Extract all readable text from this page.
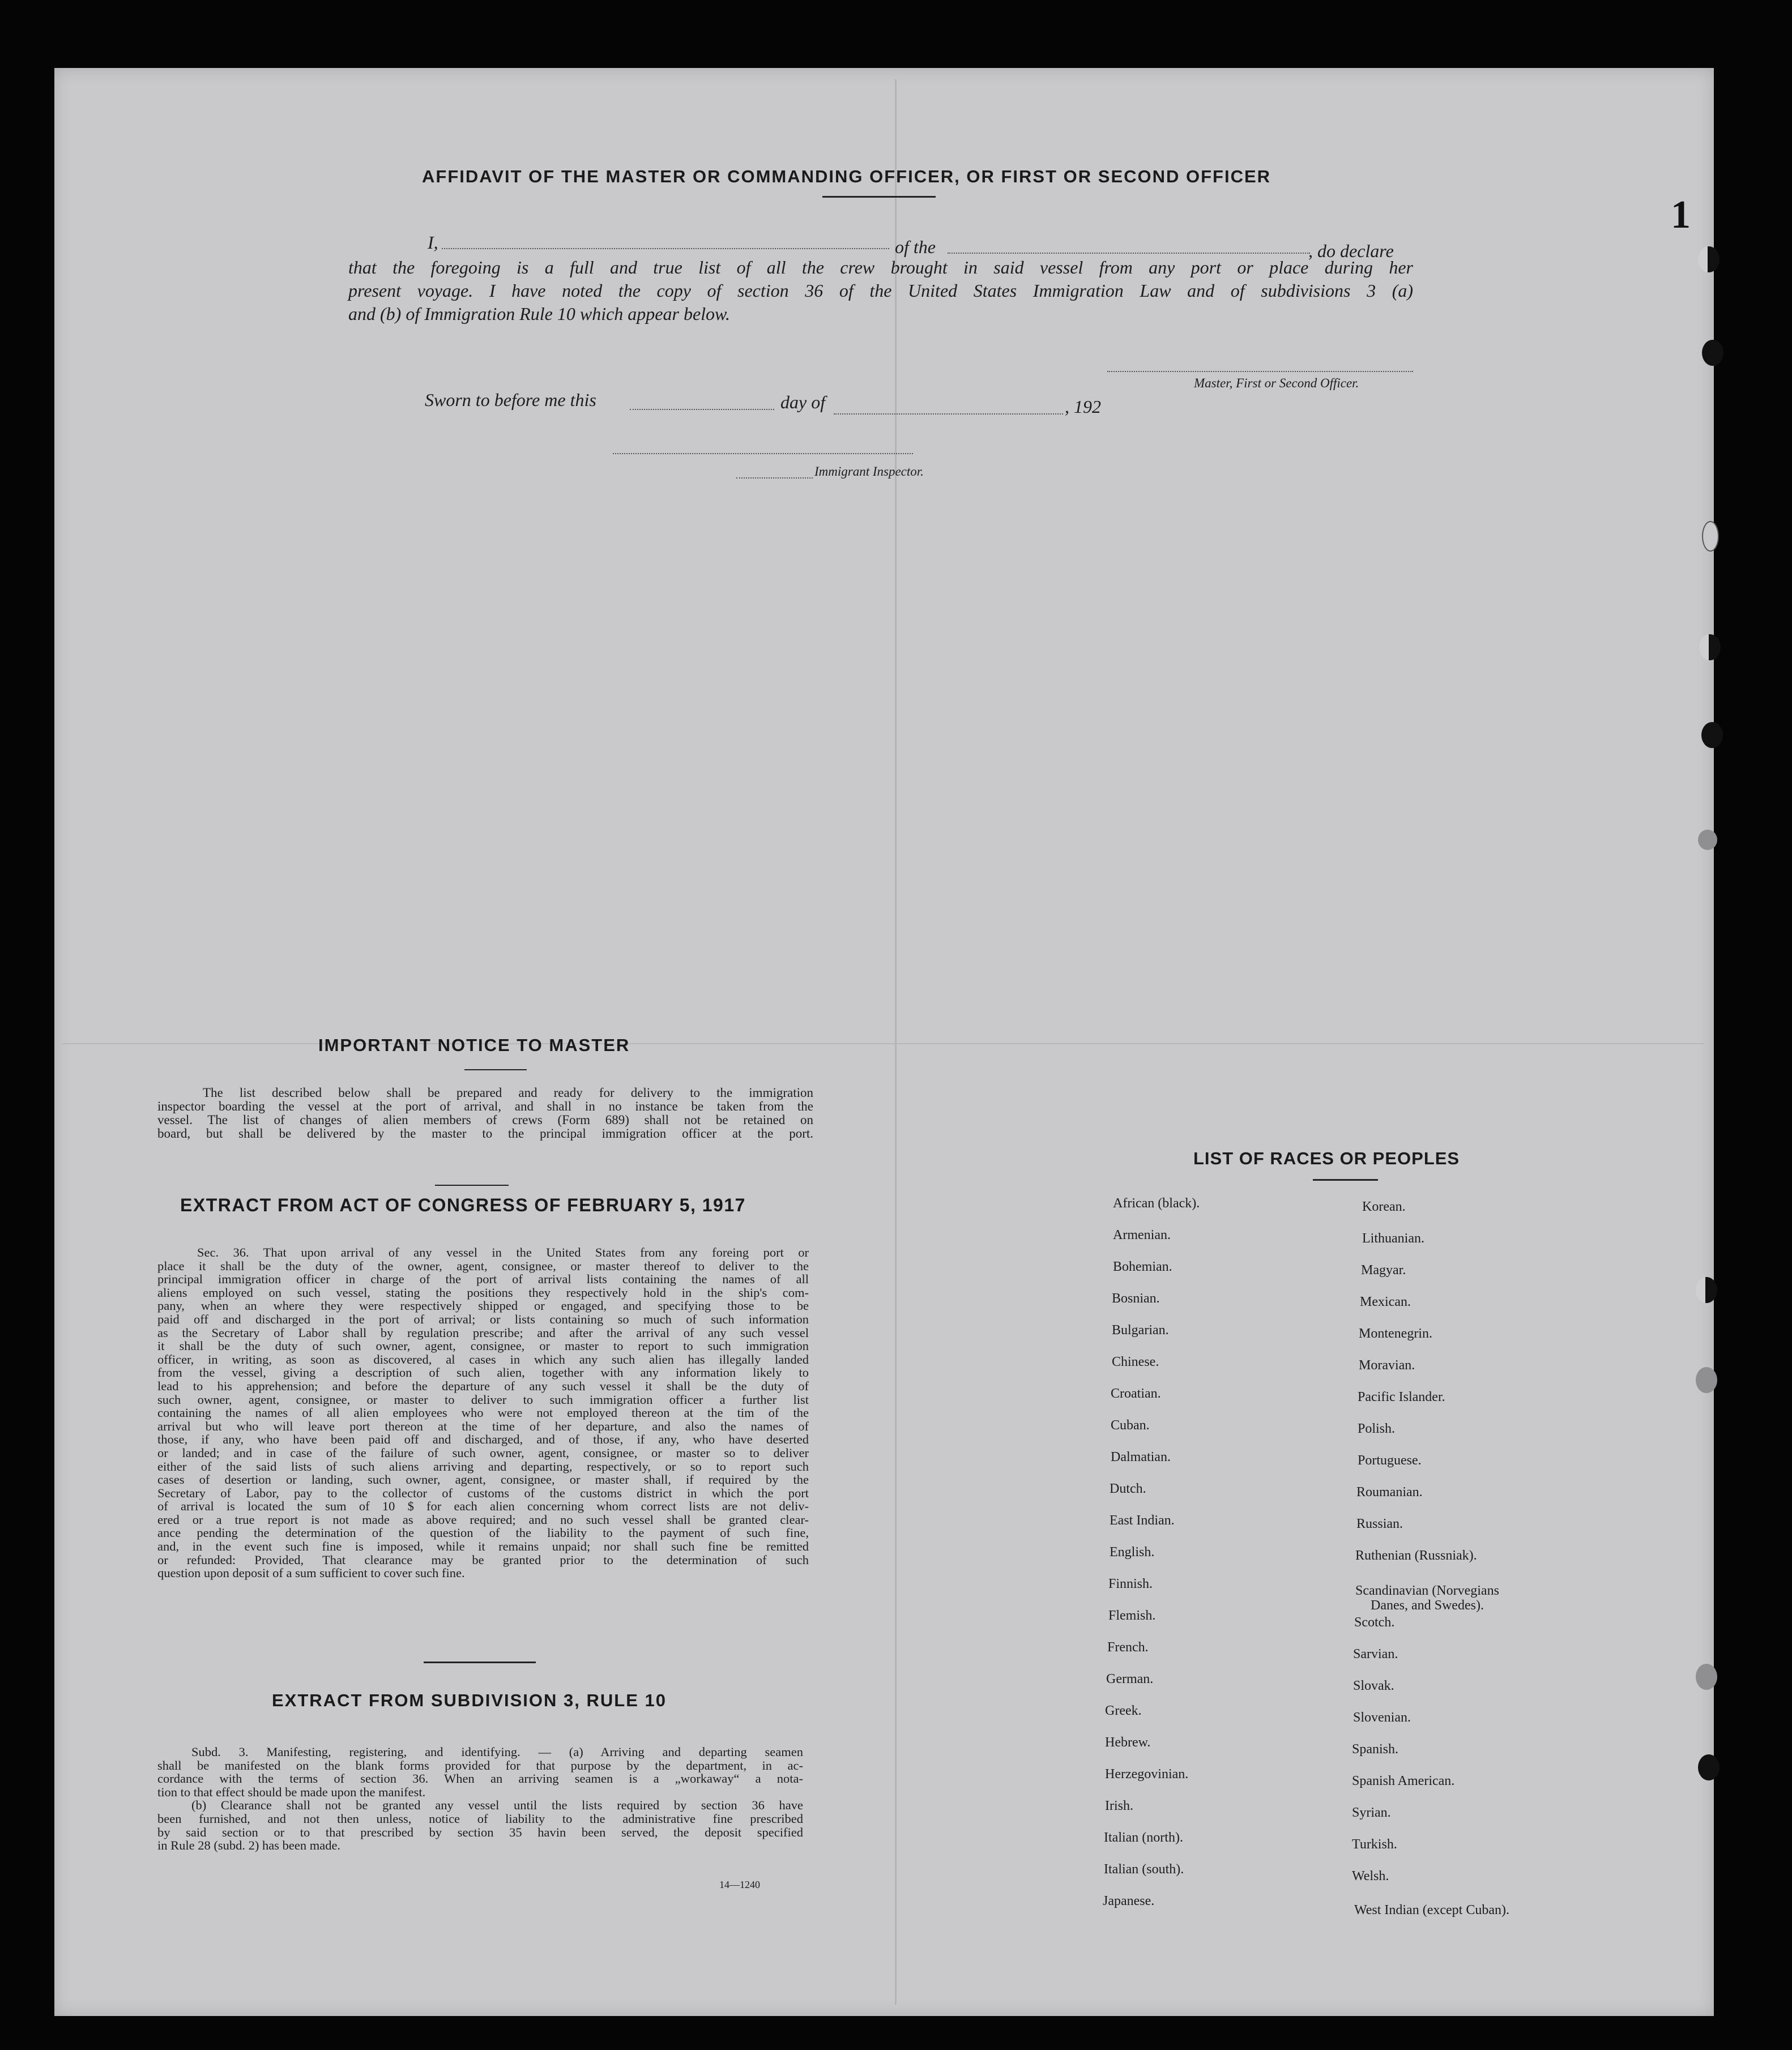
1
AFFIDAVIT OF THE MASTER OR COMMANDING OFFICER, OR FIRST OR SECOND OFFICER
I,	of the	, do declare
that the foregoing is a full and true list of all the crew brought in said vessel from any port or place during her
present voyage. I have noted the copy of section 36 of the United States Immigration Law and of subdivisions 3 (a)
and (b) of Immigration Rule 10 which appear below.
Master, First or Second Officer.
Sworn to before me this	day of	, 192
Immigrant Inspector.
IMPORTANT NOTICE TO MASTER
The list described below shall be prepared and ready for delivery to the immigration
inspector boarding the vessel at the port of arrival, and shall in no instance be taken from the
vessel. The list of changes of alien members of crews (Form 689) shall not be retained on
board, but shall be delivered by the master to the principal immigration officer at the port.
EXTRACT FROM ACT OF CONGRESS OF FEBRUARY 5, 1917
Sec. 36. That upon arrival of any vessel in the United States from any foreing port or
place it shall be the duty of the owner, agent, consignee, or master thereof to deliver to the
principal immigration officer in charge of the port of arrival lists containing the names of all
aliens employed on such vessel, stating the positions they respectively hold in the ship's com-
pany, when an where they were respectively shipped or engaged, and specifying those to be
paid off and discharged in the port of arrival; or lists containing so much of such information
as the Secretary of Labor shall by regulation prescribe; and after the arrival of any such vessel
it shall be the duty of such owner, agent, consignee, or master to report to such immigration
officer, in writing, as soon as discovered, al cases in which any such alien has illegally landed
from the vessel, giving a description of such alien, together with any information likely to
lead to his apprehension; and before the departure of any such vessel it shall be the duty of
such owner, agent, consignee, or master to deliver to such immigration officer a further list
containing the names of all alien employees who were not employed thereon at the tim of the
arrival but who will leave port thereon at the time of her departure, and also the names of
those, if any, who have been paid off and discharged, and of those, if any, who have deserted
or landed; and in case of the failure of such owner, agent, consignee, or master so to deliver
either of the said lists of such aliens arriving and departing, respectively, or so to report such
cases of desertion or landing, such owner, agent, consignee, or master shall, if required by the
Secretary of Labor, pay to the collector of customs of the customs district in which the port
of arrival is located the sum of 10 $ for each alien concerning whom correct lists are not deliv-
ered or a true report is not made as above required; and no such vessel shall be granted clear-
ance pending the determination of the question of the liability to the payment of such fine,
and, in the event such fine is imposed, while it remains unpaid; nor shall such fine be remitted
or refunded: Provided, That clearance may be granted prior to the determination of such
question upon deposit of a sum sufficient to cover such fine.
EXTRACT FROM SUBDIVISION 3, RULE 10
Subd. 3. Manifesting, registering, and identifying. — (a) Arriving and departing seamen
shall be manifested on the blank forms provided for that purpose by the department, in ac-
cordance with the terms of section 36. When an arriving seamen is a „workaway“ a nota-
tion to that effect should be made upon the manifest.
(b) Clearance shall not be granted any vessel until the lists required by section 36 have
been furnished, and not then unless, notice of liability to the administrative fine prescribed
by said section or to that prescribed by section 35 havin been served, the deposit specified
in Rule 28 (subd. 2) has been made.
14—1240
LIST OF RACES OR PEOPLES
African (black).
Armenian.
Bohemian.
Bosnian.
Bulgarian.
Chinese.
Croatian.
Cuban.
Dalmatian.
Dutch.
East Indian.
English.
Finnish.
Flemish.
French.
German.
Greek.
Hebrew.
Herzegovinian.
Irish.
Italian (north).
Italian (south).
Japanese.
Korean.
Lithuanian.
Magyar.
Mexican.
Montenegrin.
Moravian.
Pacific Islander.
Polish.
Portuguese.
Roumanian.
Russian.
Ruthenian (Russniak).
Scandinavian (Norvegians
Danes, and Swedes).
Scotch.
Sarvian.
Slovak.
Slovenian.
Spanish.
Spanish American.
Syrian.
Turkish.
Welsh.
West Indian (except Cuban).
